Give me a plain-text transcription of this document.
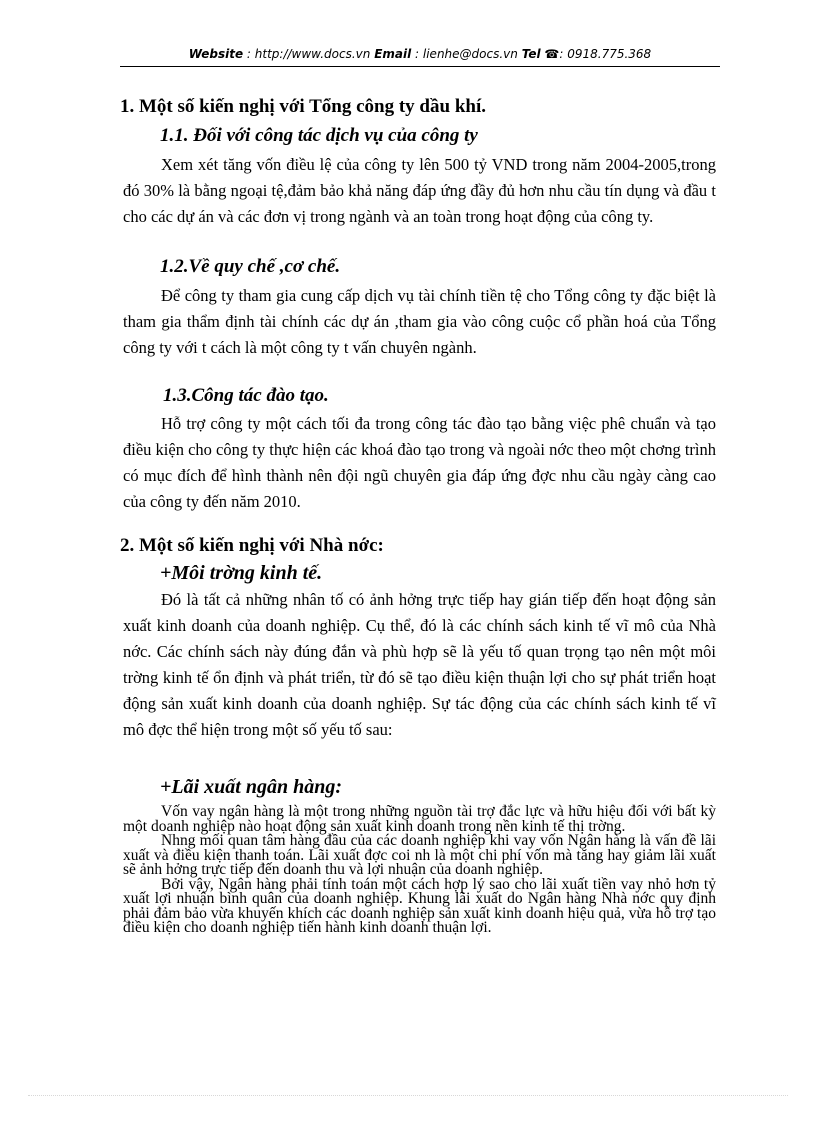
Website : http://www.docs.vn Email : lienhe@docs.vn Tel ☎: 0918.775.368
1. Một số kiến nghị với Tổng công ty dầu khí.
1.1. Đối với công tác dịch vụ của công ty
Xem xét tăng vốn điều lệ của công ty lên 500 tỷ VND trong năm 2004-2005,trong đó 30% là bằng ngoại tệ,đảm bảo khả năng đáp ứng đầy đủ hơn nhu cầu tín dụng và đầu t cho các dự án và các đơn vị trong ngành và an toàn trong hoạt động của công ty.
1.2.Về quy chế ,cơ chế.
Để công ty tham gia cung cấp dịch vụ tài chính tiền tệ cho Tổng công ty đặc biệt là tham gia thẩm định tài chính các dự án ,tham gia vào công cuộc cổ phần hoá của Tổng công ty với t cách là một công ty t vấn chuyên ngành.
1.3.Công tác đào tạo.
Hỗ trợ công ty một cách tối đa trong công tác đào tạo bằng việc phê chuẩn và tạo điều kiện cho công ty thực hiện các khoá đào tạo trong và ngoài nớc theo một chơng trình có mục đích để hình thành nên đội ngũ chuyên gia đáp ứng đợc nhu cầu ngày càng cao của công ty đến năm 2010.
2. Một số kiến nghị với Nhà nớc:
+Môi trờng kinh tế.
Đó là tất cả những nhân tố có ảnh hởng trực tiếp hay gián tiếp đến hoạt động sản xuất kinh doanh của doanh nghiệp. Cụ thể, đó là các chính sách kinh tế vĩ mô của Nhà nớc. Các chính sách này đúng đắn và phù hợp sẽ là yếu tố quan trọng tạo nên một môi trờng kinh tế ổn định và phát triển, từ đó sẽ tạo điều kiện thuận lợi cho sự phát triển hoạt động sản xuất kinh doanh của doanh nghiệp. Sự tác động của các chính sách kinh tế vĩ mô đợc thể hiện trong một số yếu tố sau:
+Lãi xuất ngân hàng:

Vốn vay ngân hàng là một trong những nguồn tài trợ đắc lực và hữu hiệu đối với bất kỳ một doanh nghiệp nào hoạt động sản xuất kinh doanh trong nền kinh tế thị trờng.

Nhng mối quan tâm hàng đầu của các doanh nghiệp khi vay vốn Ngân hàng là vấn đề lãi xuất và điều kiện thanh toán. Lãi xuất đợc coi nh là một chi phí vốn mà tăng hay giảm lãi xuất sẽ ảnh hởng trực tiếp đến doanh thu và lợi nhuận của doanh nghiệp.

Bởi vậy, Ngân hàng phải tính toán một cách hợp lý sao cho lãi xuất tiền vay nhỏ hơn tỷ xuất lợi nhuận bình quân của doanh nghiệp. Khung lãi xuất do Ngân hàng Nhà nớc quy định phải đảm bảo vừa khuyến khích các doanh nghiệp sản xuất kinh doanh hiệu quả, vừa hỗ trợ tạo điều kiện cho doanh nghiệp tiến hành kinh doanh thuận lợi.
